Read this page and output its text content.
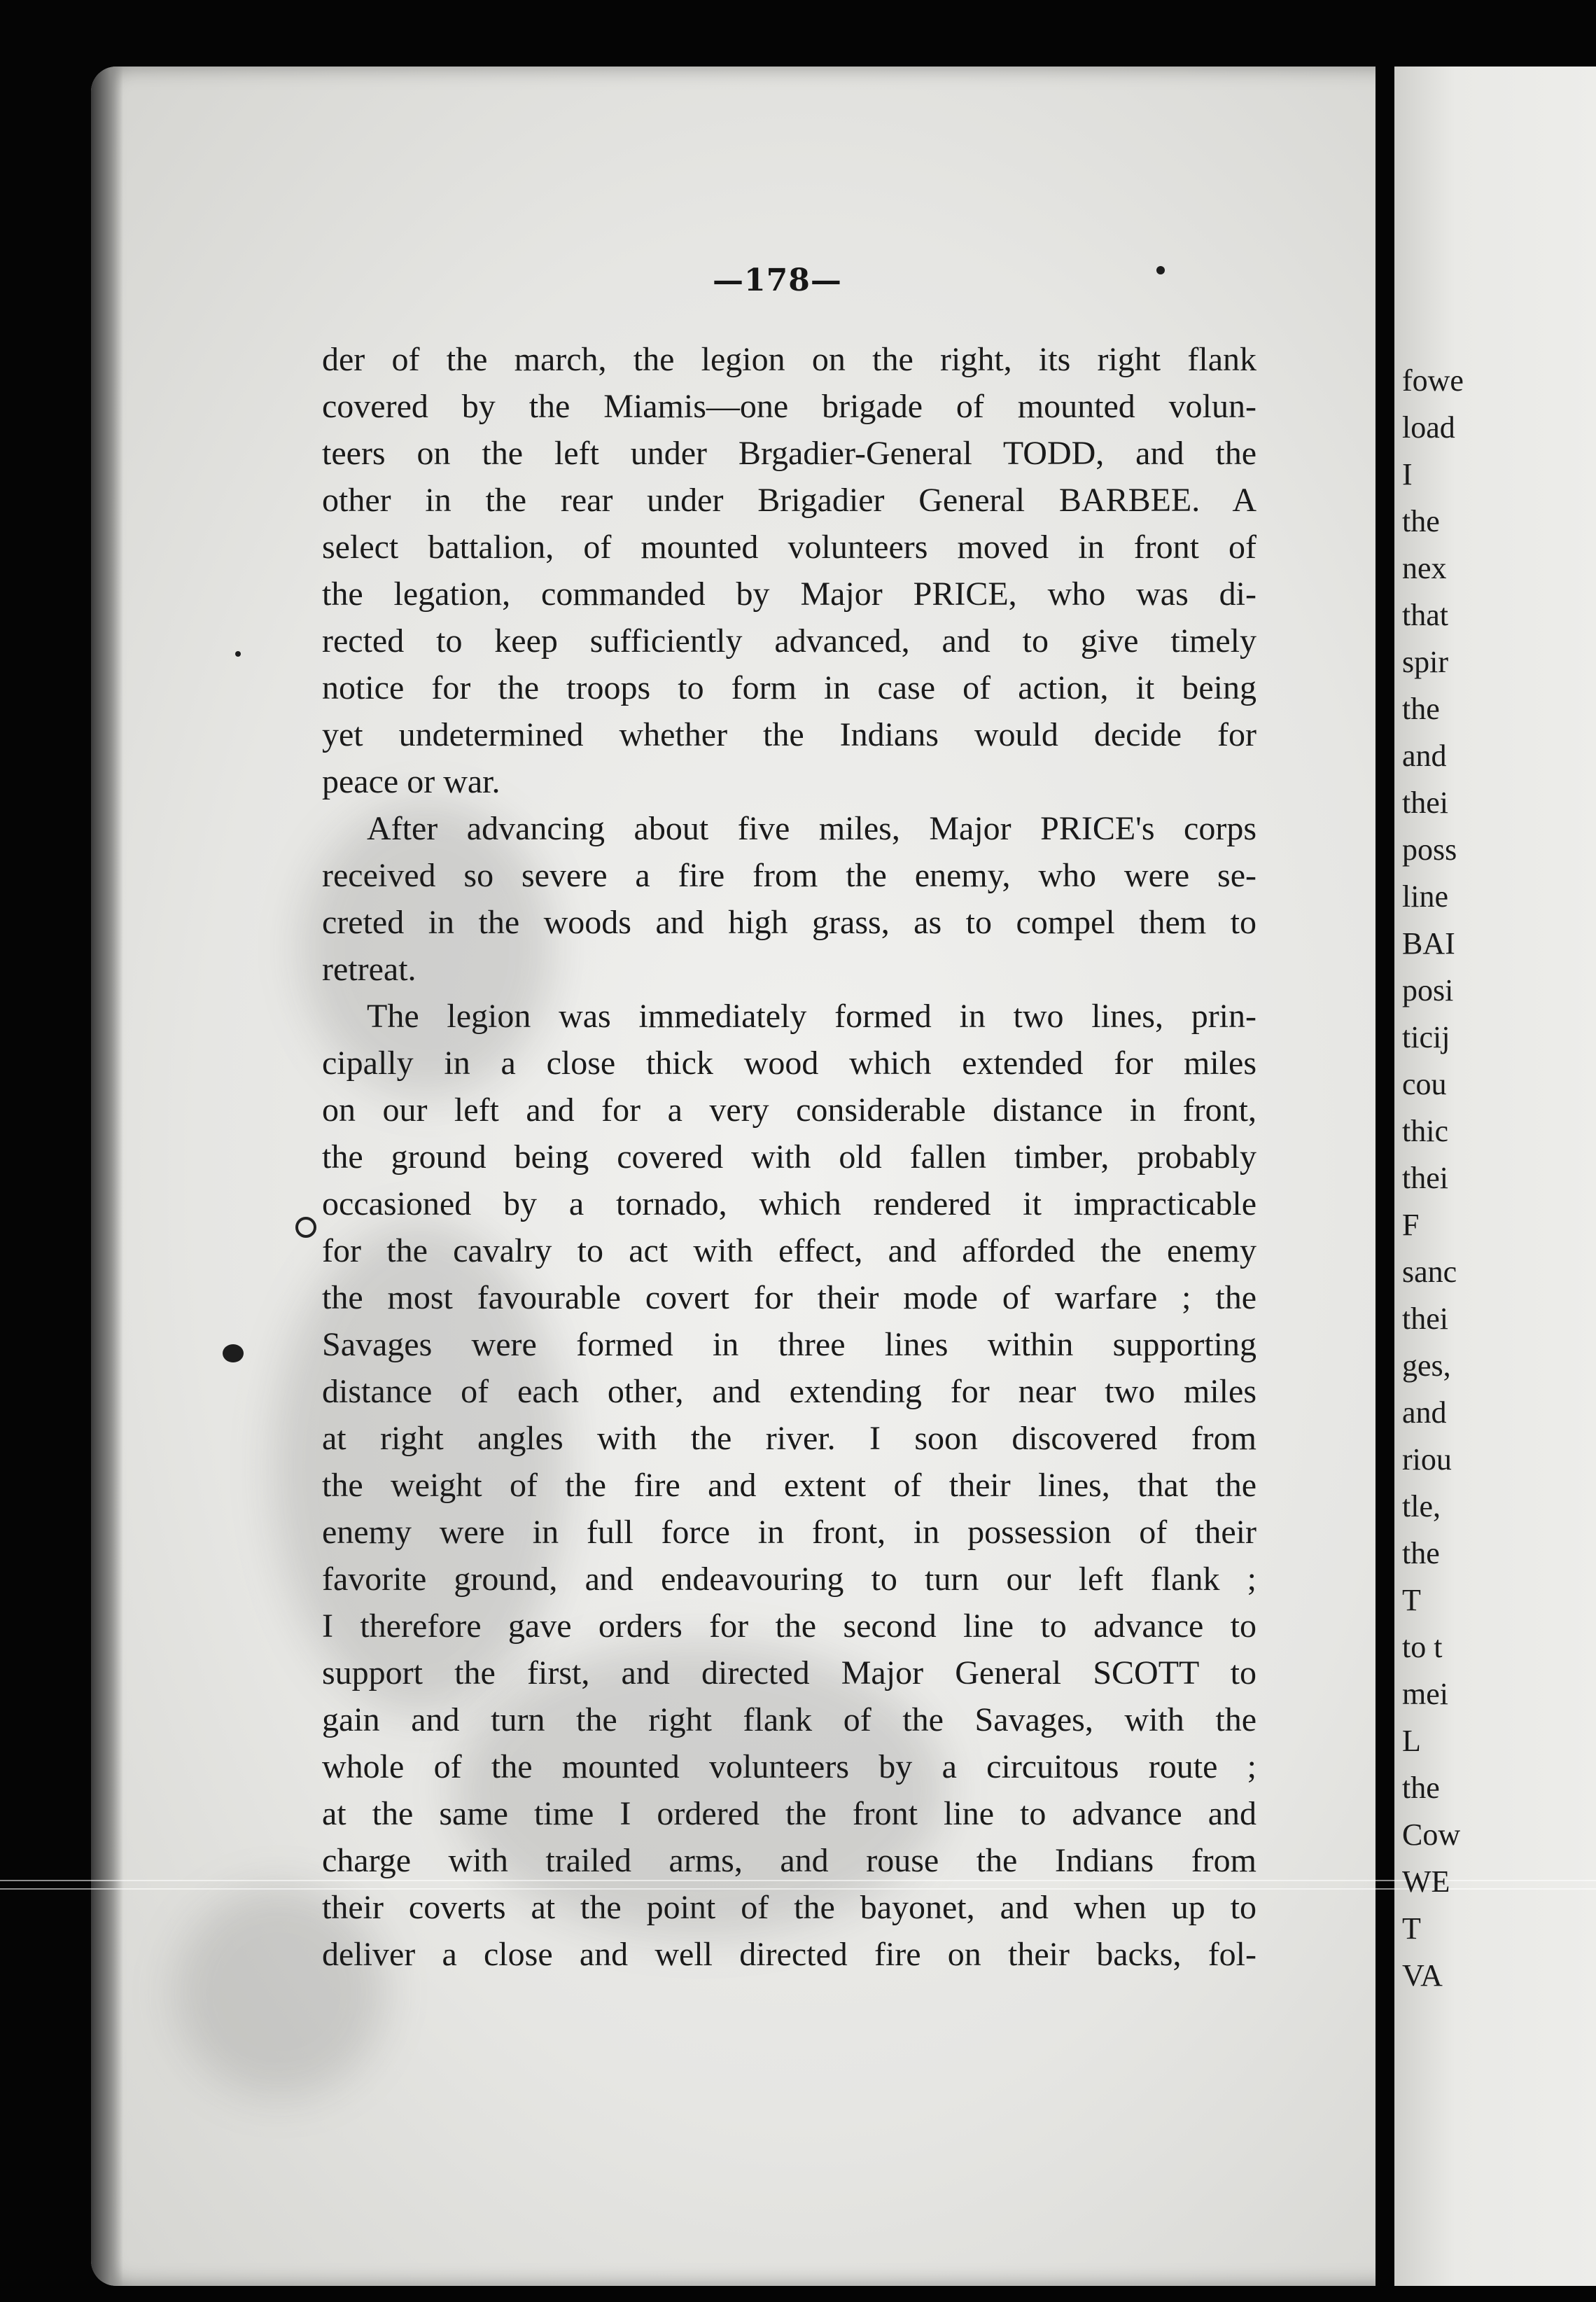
—178—
der of the march, the legion on the right, its right flank
covered by the Miamis—one brigade of mounted volun-
teers on the left under Brgadier-General TODD, and the
other in the rear under Brigadier General BARBEE. A
select battalion, of mounted volunteers moved in front of
the legation, commanded by Major PRICE, who was di-
rected to keep sufficiently advanced, and to give timely
notice for the troops to form in case of action, it being
yet undetermined whether the Indians would decide for
peace or war.
After advancing about five miles, Major PRICE's corps
received so severe a fire from the enemy, who were se-
creted in the woods and high grass, as to compel them to
retreat.
The legion was immediately formed in two lines, prin-
cipally in a close thick wood which extended for miles
on our left and for a very considerable distance in front,
the ground being covered with old fallen timber, probably
occasioned by a tornado, which rendered it impracticable
for the cavalry to act with effect, and afforded the enemy
the most favourable covert for their mode of warfare ; the
Savages were formed in three lines within supporting
distance of each other, and extending for near two miles
at right angles with the river. I soon discovered from
the weight of the fire and extent of their lines, that the
enemy were in full force in front, in possession of their
favorite ground, and endeavouring to turn our left flank ;
I therefore gave orders for the second line to advance to
support the first, and directed Major General SCOTT to
gain and turn the right flank of the Savages, with the
whole of the mounted volunteers by a circuitous route ;
at the same time I ordered the front line to advance and
charge with trailed arms, and rouse the Indians from
their coverts at the point of the bayonet, and when up to
deliver a close and well directed fire on their backs, fol-
fowe
load
I
the
nex
that
spir
the
and
thei
poss
line
BAI
posi
ticij
cou
thic
thei
F
sanc
thei
ges,
and
riou
tle,
the
T
to t
mei
L
the
Cow
WE
T
VA
